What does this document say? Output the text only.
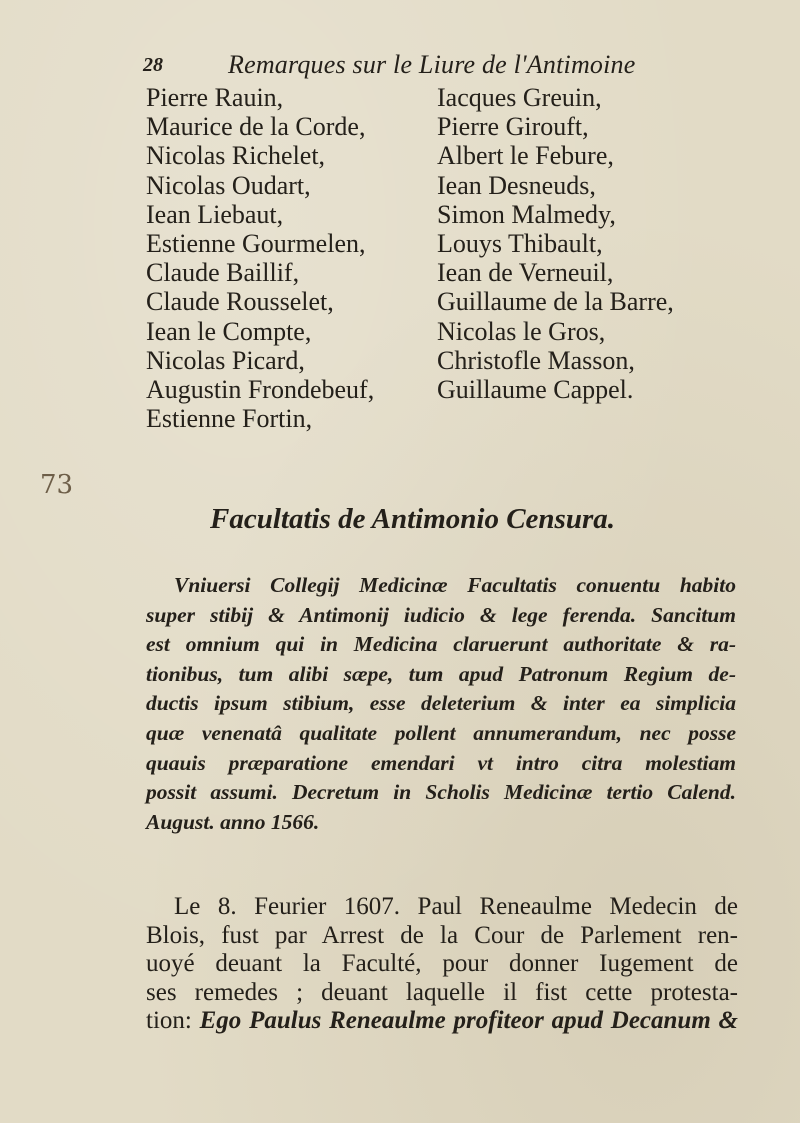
28	Remarques sur le Liure de l'Antimoine
Pierre Rauin,
Maurice de la Corde,
Nicolas Richelet,
Nicolas Oudart,
Iean Liebaut,
Estienne Gourmelen,
Claude Baillif,
Claude Rousselet,
Iean le Compte,
Nicolas Picard,
Augustin Frondebeuf,
Estienne Fortin,
Iacques Greuin,
Pierre Girouft,
Albert le Febure,
Iean Desneuds,
Simon Malmedy,
Louys Thibault,
Iean de Verneuil,
Guillaume de la Barre,
Nicolas le Gros,
Christofle Masson,
Guillaume Cappel.
73
Facultatis de Antimonio Censura.
Vniuersi Collegij Medicinæ Facultatis conuentu habito
super stibij & Antimonij iudicio & lege ferenda. Sancitum
est omnium qui in Medicina claruerunt authoritate & ra-
tionibus, tum alibi sæpe, tum apud Patronum Regium de-
ductis ipsum stibium, esse deleterium & inter ea simplicia
quæ venenatâ qualitate pollent annumerandum, nec posse
quauis præparatione emendari vt intro citra molestiam
possit assumi. Decretum in Scholis Medicinæ tertio Calend.
August. anno 1566.
Le 8. Feurier 1607. Paul Reneaulme Medecin de
Blois, fust par Arrest de la Cour de Parlement ren-
uoyé deuant la Faculté, pour donner Iugement de
ses remedes ; deuant laquelle il fist cette protesta-
tion: Ego Paulus Reneaulme profiteor apud Decanum &
